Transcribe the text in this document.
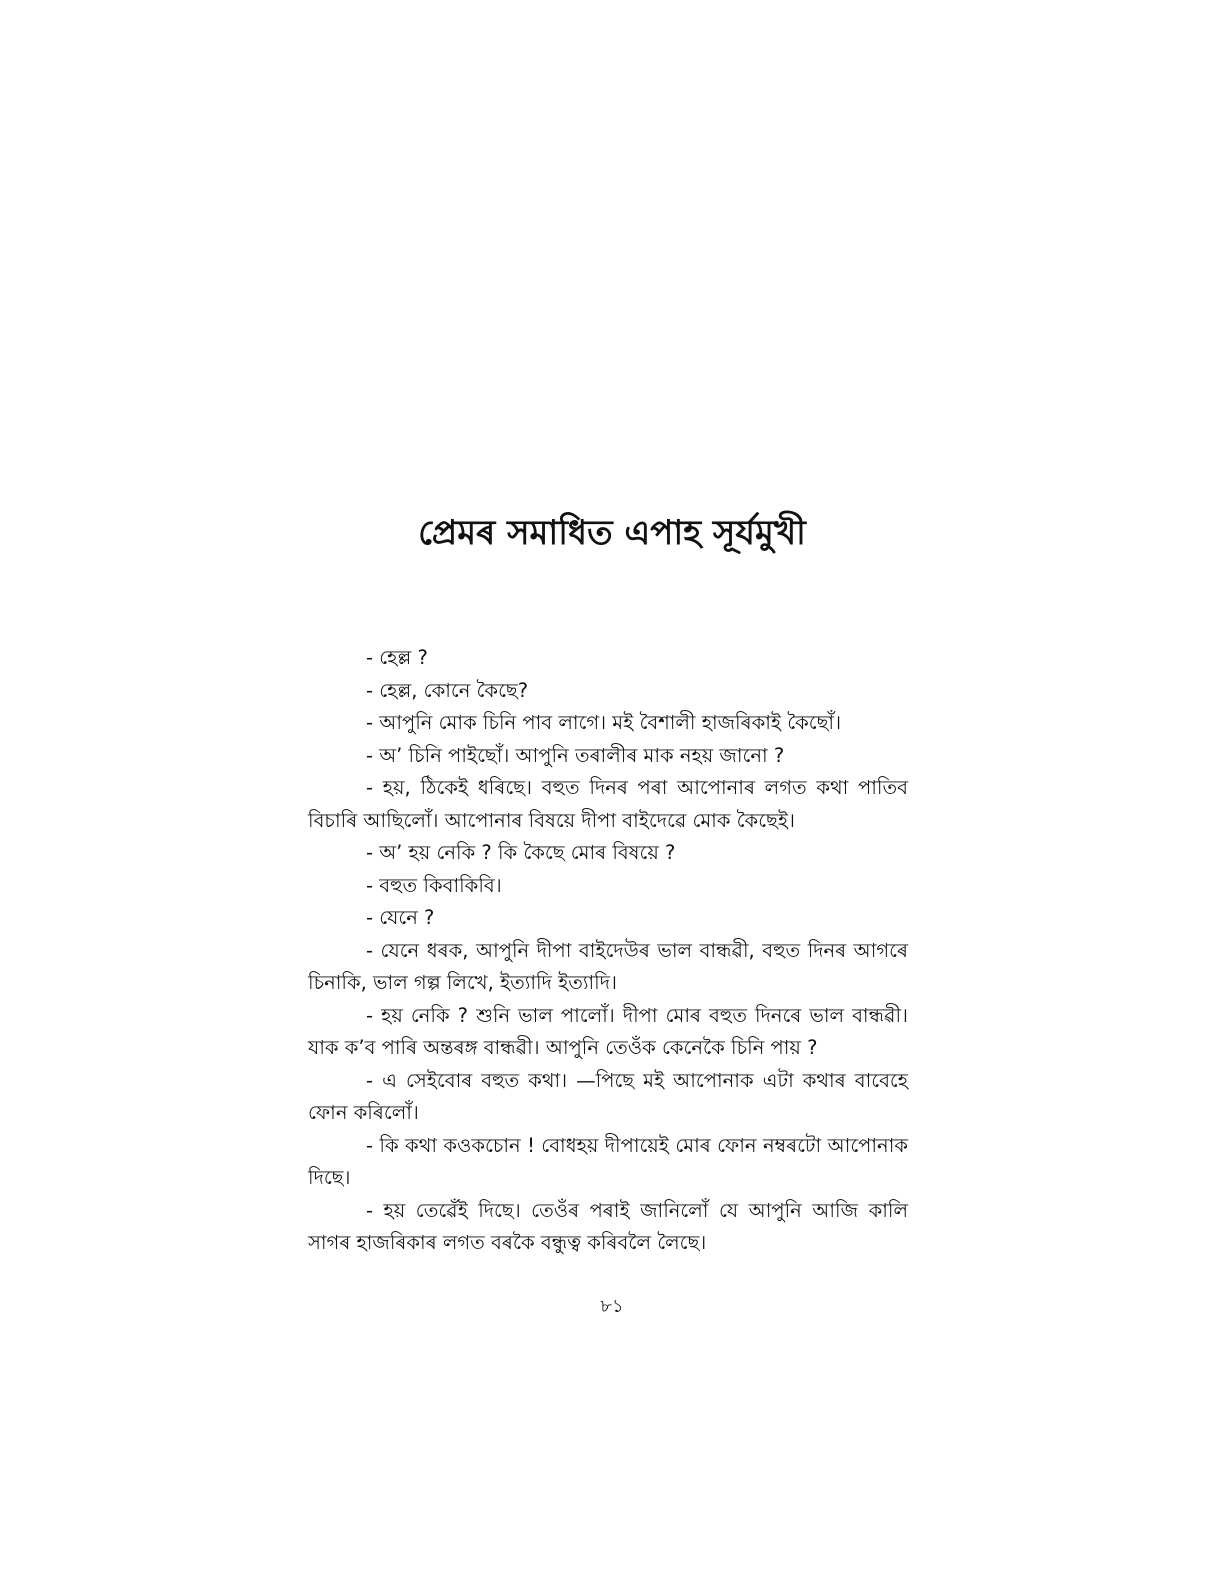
প্ৰেমৰ সমাধিত এপাহ সূৰ্যমুখী

- হেল্ল ?

- হেল্ল, কোনে কৈছে?

- আপুনি মোক চিনি পাব লাগে। মই বৈশালী হাজৰিকাই কৈছোঁ।

- অ’ চিনি পাইছোঁ। আপুনি তৰালীৰ মাক নহয় জানো ?

- হয়, ঠিকেই ধৰিছে। বহুত দিনৰ পৰা আপোনাৰ লগত কথা পাতিব বিচাৰি আছিলোঁ। আপোনাৰ বিষয়ে দীপা বাইদেৱে মোক কৈছেই।

- অ’ হয় নেকি ? কি কৈছে মোৰ বিষয়ে ?

- বহুত কিবাকিবি।

- যেনে ?

- যেনে ধৰক, আপুনি দীপা বাইদেউৰ ভাল বান্ধৱী, বহুত দিনৰ আগৰে চিনাকি, ভাল গল্প লিখে, ইত্যাদি ইত্যাদি।

- হয় নেকি ? শুনি ভাল পালোঁ। দীপা মোৰ বহুত দিনৰে ভাল বান্ধৱী। যাক ক’ব পাৰি অন্তৰঙ্গ বান্ধৱী। আপুনি তেওঁক কেনেকৈ চিনি পায় ?

- এ সেইবোৰ বহুত কথা। —পিছে মই আপোনাক এটা কথাৰ বাবেহে ফোন কৰিলোঁ।

- কি কথা কওকচোন ! বোধহয় দীপায়েই মোৰ ফোন নম্বৰটো আপোনাক দিছে।

- হয় তেৱেঁই দিছে। তেওঁৰ পৰাই জানিলোঁ যে আপুনি আজি কালি সাগৰ হাজৰিকাৰ লগত বৰকৈ বন্ধুত্ব কৰিবলৈ লৈছে।

৮১
